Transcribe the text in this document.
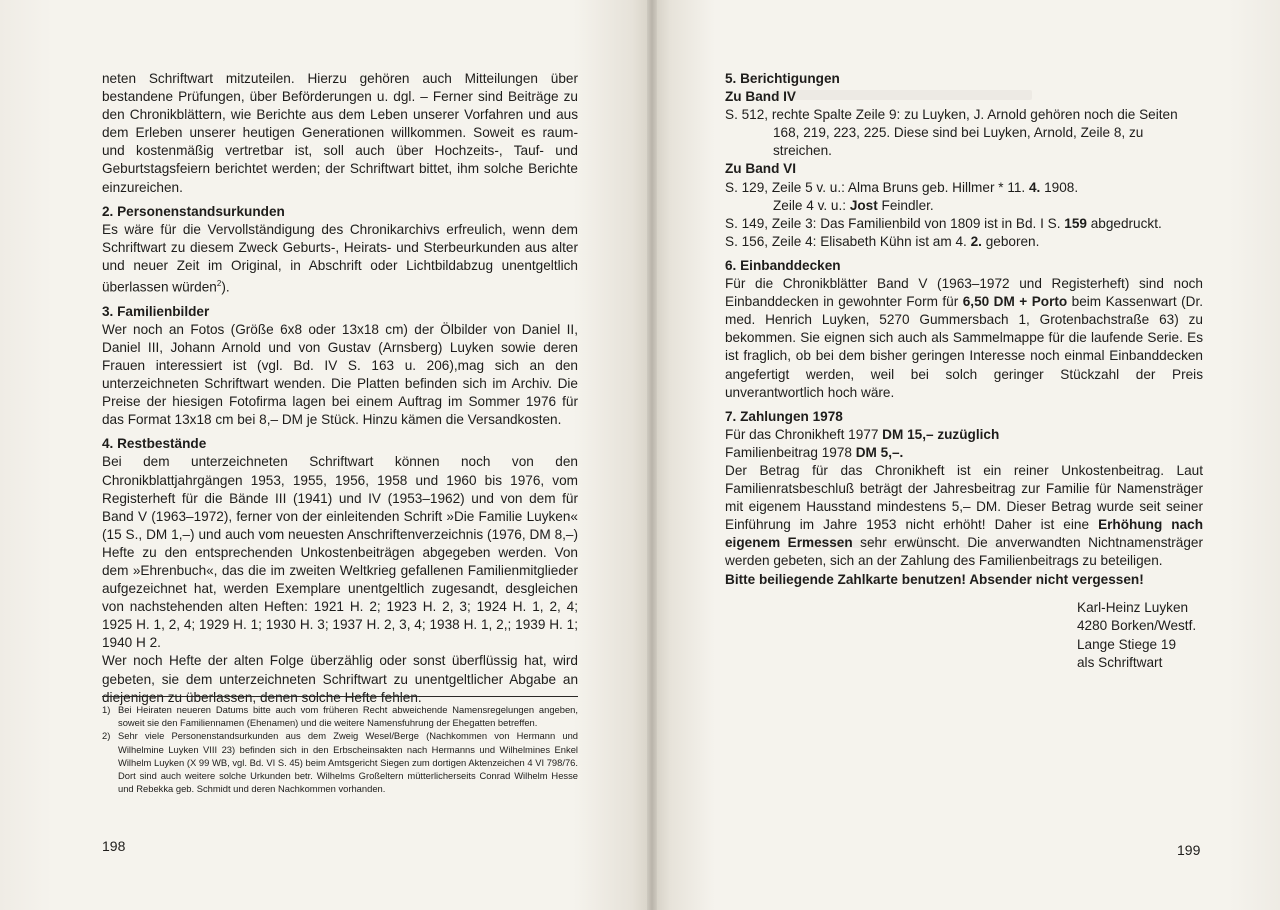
neten Schriftwart mitzuteilen. Hierzu gehören auch Mitteilungen über bestandene Prüfungen, über Beförderungen u. dgl. – Ferner sind Beiträge zu den Chronikblättern, wie Berichte aus dem Leben unserer Vorfahren und aus dem Erleben unserer heutigen Generationen willkommen. Soweit es raum- und kostenmäßig vertretbar ist, soll auch über Hochzeits-, Tauf- und Geburtstagsfeiern berichtet werden; der Schriftwart bittet, ihm solche Berichte einzureichen.

2. Personenstandsurkunden

Es wäre für die Vervollständigung des Chronikarchivs erfreulich, wenn dem Schriftwart zu diesem Zweck Geburts-, Heirats- und Sterbeurkunden aus alter und neuer Zeit im Original, in Abschrift oder Lichtbildabzug unentgeltlich überlassen würden$^2$).

3. Familienbilder

Wer noch an Fotos (Größe 6x8 oder 13x18 cm) der Ölbilder von Daniel II, Daniel III, Johann Arnold und von Gustav (Arnsberg) Luyken sowie deren Frauen interessiert ist (vgl. Bd. IV S. 163 u. 206),mag sich an den unterzeichneten Schriftwart wenden. Die Platten befinden sich im Archiv. Die Preise der hiesigen Fotofirma lagen bei einem Auftrag im Sommer 1976 für das Format 13x18 cm bei 8,– DM je Stück. Hinzu kämen die Versandkosten.

4. Restbestände

Bei dem unterzeichneten Schriftwart können noch von den Chronikblattjahrgängen 1953, 1955, 1956, 1958 und 1960 bis 1976, vom Registerheft für die Bände III (1941) und IV (1953–1962) und von dem für Band V (1963–1972), ferner von der einleitenden Schrift »Die Familie Luyken« (15 S., DM 1,–) und auch vom neuesten Anschriftenverzeichnis (1976, DM 8,–) Hefte zu den entsprechenden Unkostenbeiträgen abgegeben werden. Von dem »Ehrenbuch«, das die im zweiten Weltkrieg gefallenen Familienmitglieder aufgezeichnet hat, werden Exemplare unentgeltlich zugesandt, desgleichen von nachstehenden alten Heften: 1921 H. 2; 1923 H. 2, 3; 1924 H. 1, 2, 4; 1925 H. 1, 2, 4; 1929 H. 1; 1930 H. 3; 1937 H. 2, 3, 4; 1938 H. 1, 2,; 1939 H. 1; 1940 H 2.

Wer noch Hefte der alten Folge überzählig oder sonst überflüssig hat, wird gebeten, sie dem unterzeichneten Schriftwart zu unentgeltlicher Abgabe an diejenigen zu überlassen, denen solche Hefte fehlen.

1) Bei Heiraten neueren Datums bitte auch vom früheren Recht abweichende Namensregelungen angeben, soweit sie den Familiennamen (Ehenamen) und die weitere Namensfuhrung der Ehegatten betreffen.
2) Sehr viele Personenstandsurkunden aus dem Zweig Wesel/Berge (Nachkommen von Hermann und Wilhelmine Luyken VIII 23) befinden sich in den Erbscheinsakten nach Hermanns und Wilhelmines Enkel Wilhelm Luyken (X 99 WB, vgl. Bd. VI S. 45) beim Amtsgericht Siegen zum dortigen Aktenzeichen 4 VI 798/76. Dort sind auch weitere solche Urkunden betr. Wilhelms Großeltern mütterlicherseits Conrad Wilhelm Hesse und Rebekka geb. Schmidt und deren Nachkommen vorhanden.
198

5. Berichtigungen

Zu Band IV

S. 512, rechte Spalte Zeile 9: zu Luyken, J. Arnold gehören noch die Seiten 168, 219, 223, 225. Diese sind bei Luyken, Arnold, Zeile 8, zu streichen.

Zu Band VI

S. 129, Zeile 5 v. u.: Alma Bruns geb. Hillmer * 11. 4. 1908.

Zeile 4 v. u.: Jost Feindler.

S. 149, Zeile 3: Das Familienbild von 1809 ist in Bd. I S. 159 abgedruckt.

S. 156, Zeile 4: Elisabeth Kühn ist am 4. 2. geboren.

6. Einbanddecken

Für die Chronikblätter Band V (1963–1972 und Registerheft) sind noch Einbanddecken in gewohnter Form für 6,50 DM + Porto beim Kassenwart (Dr. med. Henrich Luyken, 5270 Gummersbach 1, Grotenbachstraße 63) zu bekommen. Sie eignen sich auch als Sammelmappe für die laufende Serie. Es ist fraglich, ob bei dem bisher geringen Interesse noch einmal Einbanddecken angefertigt werden, weil bei solch geringer Stückzahl der Preis unverantwortlich hoch wäre.

7. Zahlungen 1978

Für das Chronikheft 1977 DM 15,– zuzüglich

Familienbeitrag 1978 DM 5,–.

Der Betrag für das Chronikheft ist ein reiner Unkostenbeitrag. Laut Familienratsbeschluß beträgt der Jahresbeitrag zur Familie für Namensträger mit eigenem Hausstand mindestens 5,– DM. Dieser Betrag wurde seit seiner Einführung im Jahre 1953 nicht erhöht! Daher ist eine Erhöhung nach eigenem Ermessen sehr erwünscht. Die anverwandten Nichtnamensträger werden gebeten, sich an der Zahlung des Familienbeitrags zu beteiligen.

Bitte beiliegende Zahlkarte benutzen! Absender nicht vergessen!

Karl-Heinz Luyken
4280 Borken/Westf.
Lange Stiege 19
als Schriftwart
199
